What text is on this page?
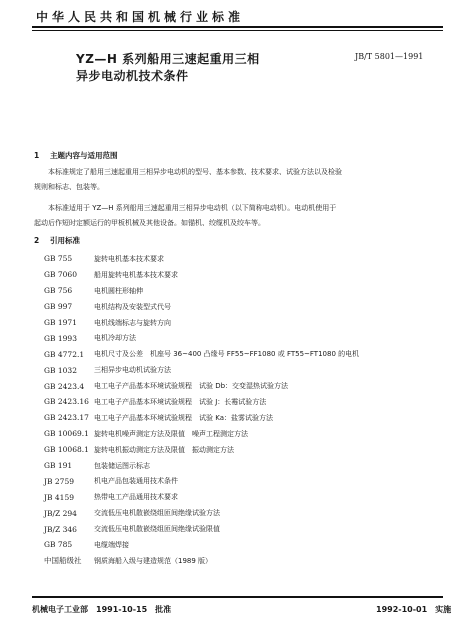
中华人民共和国机械行业标准
YZ—H 系列船用三速起重用三相
异步电动机技术条件
JB/T 5801—1991
1 主题内容与适用范围
本标准规定了船用三速起重用三相异步电动机的型号、基本参数、技术要求、试验方法以及检验
规则和标志、包装等。
本标准适用于 YZ—H 系列船用三速起重用三相异步电动机（以下简称电动机）。电动机使用于
起动后作短时定额运行的甲板机械及其他设备。如锚机、绞缆机及绞车等。
2 引用标准
GB 755	旋转电机基本技术要求
GB 7060	船用旋转电机基本技术要求
GB 756	电机圆柱形轴伸
GB 997	电机结构及安装型式代号
GB 1971	电机线端标志与旋转方向
GB 1993	电机冷却方法
GB 4772.1	电机尺寸及公差　机座号 36~400 凸缘号 FF55~FF1080 或 FT55~FT1080 的电机
GB 1032	三相异步电动机试验方法
GB 2423.4	电工电子产品基本环境试验规程　试验 Db：交变湿热试验方法
GB 2423.16 电工电子产品基本环境试验规程　试验 J：长霉试验方法
GB 2423.17 电工电子产品基本环境试验规程　试验 Ka：盐雾试验方法
GB 10069.1 旋转电机噪声测定方法及限值　噪声工程测定方法
GB 10068.1 旋转电机振动测定方法及限值　振动测定方法
GB 191	包装储运图示标志
JB 2759	机电产品包装通用技术条件
JB 4159	热带电工产品通用技术要求
JB/Z 294	交流低压电机散嵌绕组匝间绝缘试验方法
JB/Z 346	交流低压电机散嵌绕组匝间绝缘试验限值
GB 785	电缆端焊接
中国船级社	钢质海船入级与建造规范（1989 版）
机械电子工业部　1991-10-15　批准	1992-10-01　实施
